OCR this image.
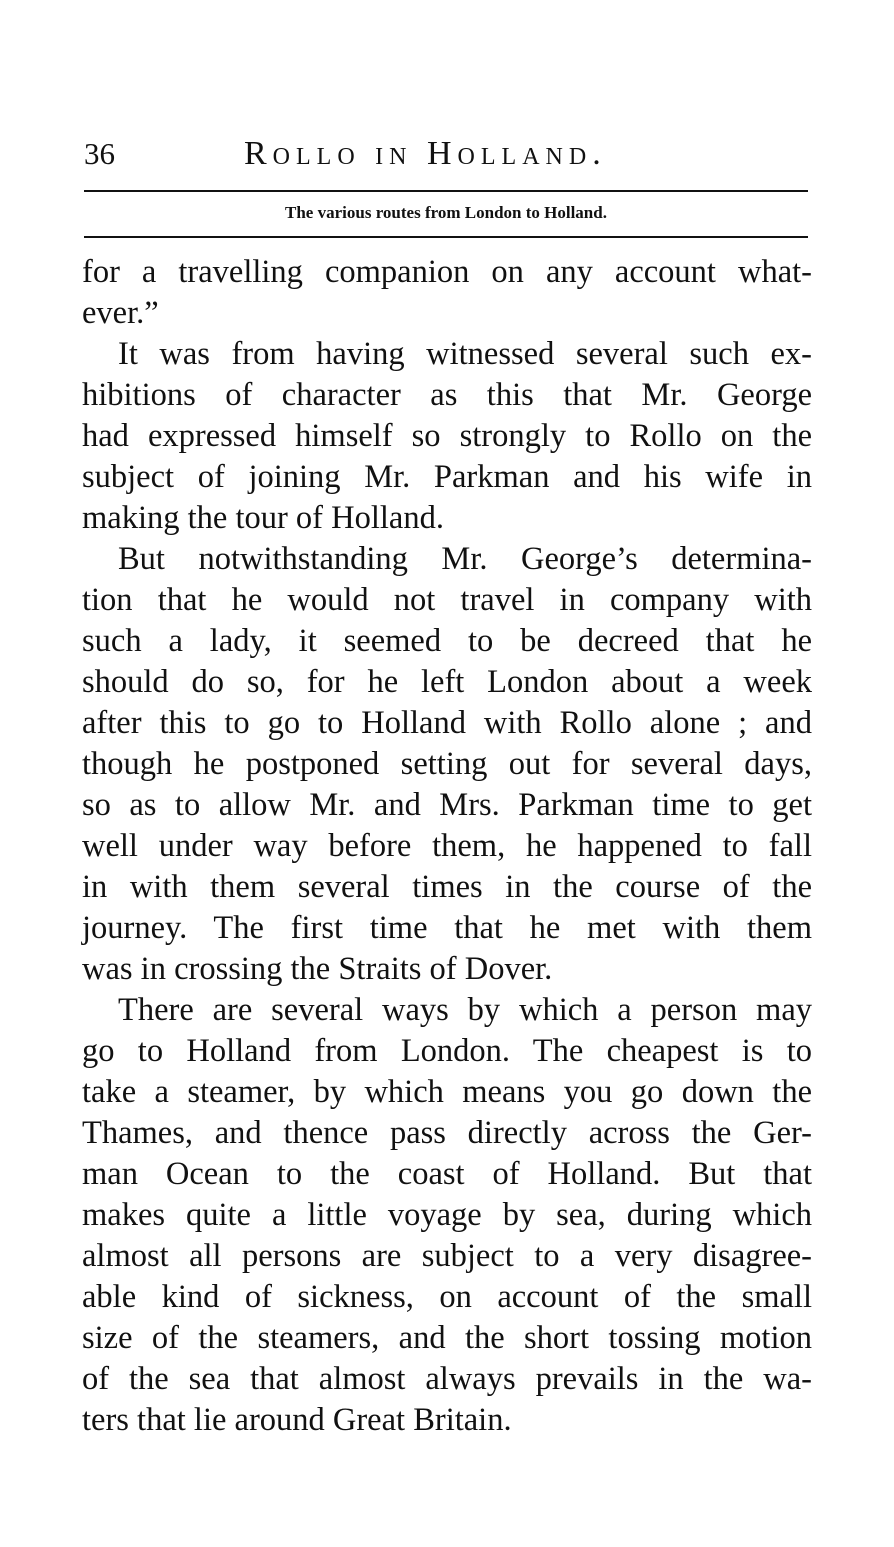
36	Rollo in Holland.
The various routes from London to Holland.
for a travelling companion on any account what-
ever.”
It was from having witnessed several such ex-
hibitions of character as this that Mr. George
had expressed himself so strongly to Rollo on the
subject of joining Mr. Parkman and his wife in
making the tour of Holland.
But notwithstanding Mr. George’s determina-
tion that he would not travel in company with
such a lady, it seemed to be decreed that he
should do so, for he left London about a week
after this to go to Holland with Rollo alone ; and
though he postponed setting out for several days,
so as to allow Mr. and Mrs. Parkman time to get
well under way before them, he happened to fall
in with them several times in the course of the
journey. The first time that he met with them
was in crossing the Straits of Dover.
There are several ways by which a person may
go to Holland from London. The cheapest is to
take a steamer, by which means you go down the
Thames, and thence pass directly across the Ger-
man Ocean to the coast of Holland. But that
makes quite a little voyage by sea, during which
almost all persons are subject to a very disagree-
able kind of sickness, on account of the small
size of the steamers, and the short tossing motion
of the sea that almost always prevails in the wa-
ters that lie around Great Britain.
